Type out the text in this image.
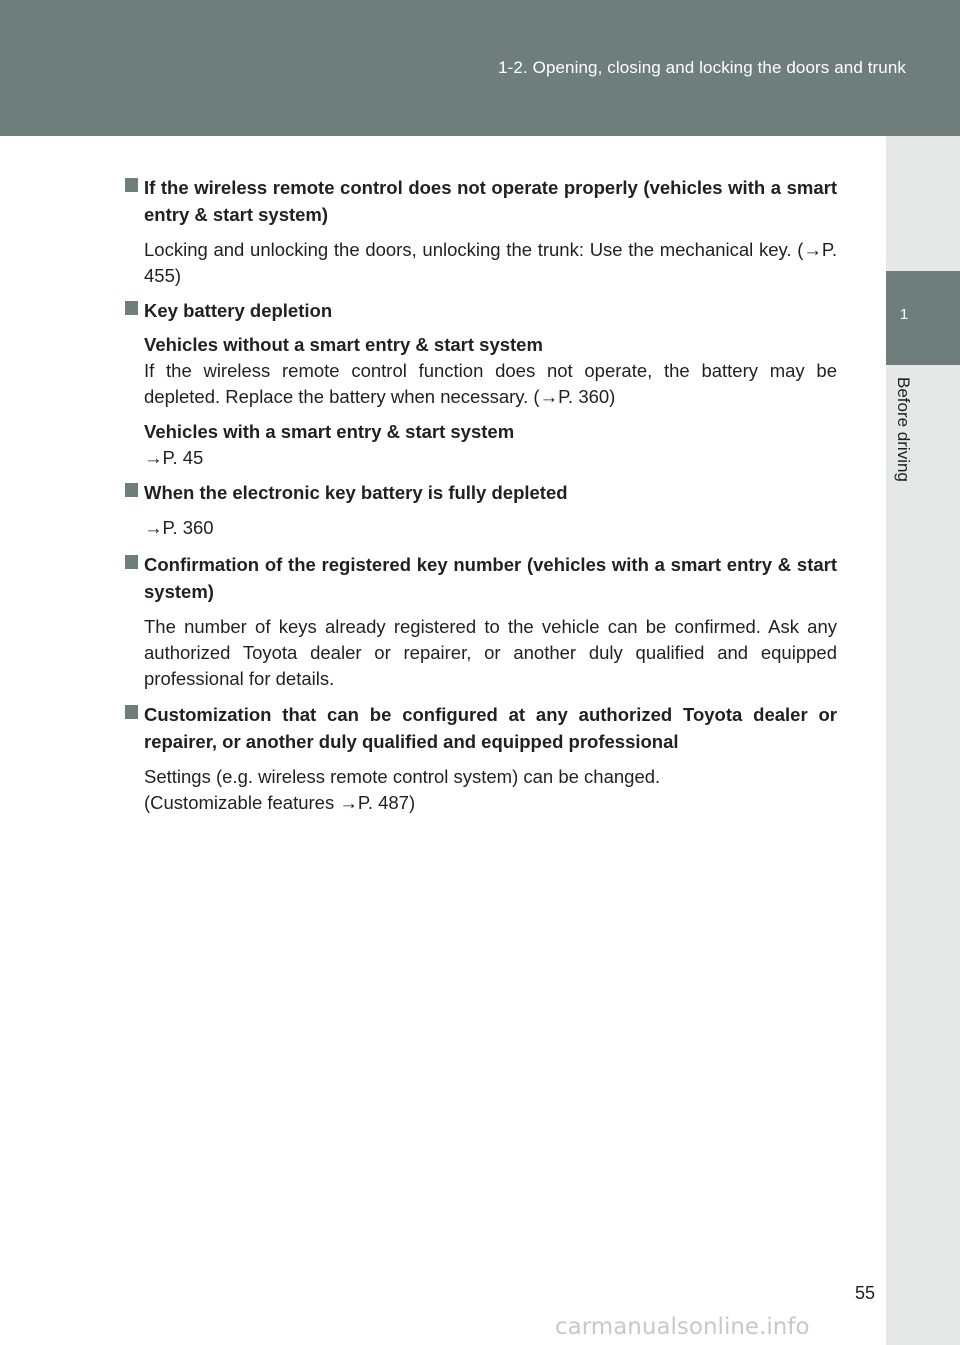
1-2. Opening, closing and locking the doors and trunk
1
Before driving
If the wireless remote control does not operate properly (vehicles with a smart entry & start system)
Locking and unlocking the doors, unlocking the trunk: Use the mechanical key. (→P. 455)
Key battery depletion
Vehicles without a smart entry & start system
If the wireless remote control function does not operate, the battery may be depleted. Replace the battery when necessary. (→P. 360)
Vehicles with a smart entry & start system
→P. 45
When the electronic key battery is fully depleted
→P. 360
Confirmation of the registered key number (vehicles with a smart entry & start system)
The number of keys already registered to the vehicle can be confirmed. Ask any authorized Toyota dealer or repairer, or another duly qualified and equipped professional for details.
Customization that can be configured at any authorized Toyota dealer or repairer, or another duly qualified and equipped professional
Settings (e.g. wireless remote control system) can be changed.
(Customizable features →P. 487)
55
carmanualsonline.info
